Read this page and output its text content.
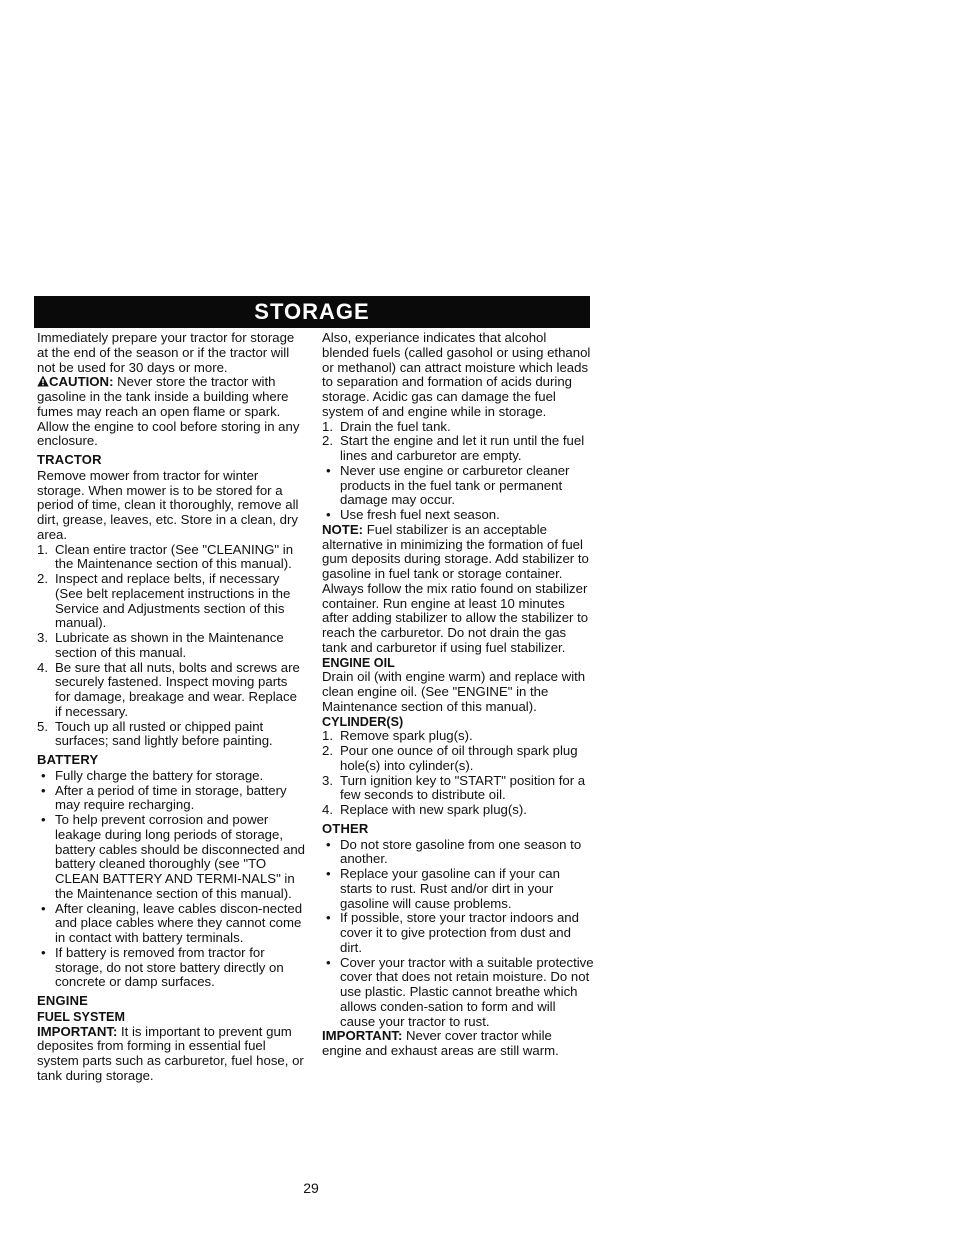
STORAGE

Immediately prepare your tractor for storage at the end of the season or if the tractor will not be used for 30 days or more.

CAUTION: Never store the tractor with gasoline in the tank inside a building where fumes may reach an open flame or spark. Allow the engine to cool before storing in any enclosure.

TRACTOR

Remove mower from tractor for winter storage. When mower is to be stored for a period of time, clean it thoroughly, remove all dirt, grease, leaves, etc. Store in a clean, dry area.

1. Clean entire tractor (See "CLEANING" in the Maintenance section of this manual).
2. Inspect and replace belts, if necessary (See belt replacement instructions in the Service and Adjustments section of this manual).
3. Lubricate as shown in the Maintenance section of this manual.
4. Be sure that all nuts, bolts and screws are securely fastened. Inspect moving parts for damage, breakage and wear. Replace if necessary.
5. Touch up all rusted or chipped paint surfaces; sand lightly before painting.

BATTERY

• Fully charge the battery for storage.
• After a period of time in storage, battery may require recharging.
• To help prevent corrosion and power leakage during long periods of storage, battery cables should be disconnected and battery cleaned thoroughly (see "TO CLEAN BATTERY AND TERMI-NALS" in the Maintenance section of this manual).
• After cleaning, leave cables discon-nected and place cables where they cannot come in contact with battery terminals.
• If battery is removed from tractor for storage, do not store battery directly on concrete or damp surfaces.

ENGINE

FUEL SYSTEM

IMPORTANT: It is important to prevent gum deposites from forming in essential fuel system parts such as carburetor, fuel hose, or tank during storage.

Also, experiance indicates that alcohol blended fuels (called gasohol or using ethanol or methanol) can attract moisture which leads to separation and formation of acids during storage. Acidic gas can damage the fuel system of and engine while in storage.

1. Drain the fuel tank.
2. Start the engine and let it run until the fuel lines and carburetor are empty.
• Never use engine or carburetor cleaner products in the fuel tank or permanent damage may occur.
• Use fresh fuel next season.

NOTE: Fuel stabilizer is an acceptable alternative in minimizing the formation of fuel gum deposits during storage. Add stabilizer to gasoline in fuel tank or storage container. Always follow the mix ratio found on stabilizer container. Run engine at least 10 minutes after adding stabilizer to allow the stabilizer to reach the carburetor. Do not drain the gas tank and carburetor if using fuel stabilizer.

ENGINE OIL

Drain oil (with engine warm) and replace with clean engine oil. (See "ENGINE" in the Maintenance section of this manual).

CYLINDER(S)

1. Remove spark plug(s).
2. Pour one ounce of oil through spark plug hole(s) into cylinder(s).
3. Turn ignition key to "START" position for a few seconds to distribute oil.
4. Replace with new spark plug(s).

OTHER

• Do not store gasoline from one season to another.
• Replace your gasoline can if your can starts to rust. Rust and/or dirt in your gasoline will cause problems.
• If possible, store your tractor indoors and cover it to give protection from dust and dirt.
• Cover your tractor with a suitable protective cover that does not retain moisture. Do not use plastic. Plastic cannot breathe which allows conden-sation to form and will cause your tractor to rust.

IMPORTANT: Never cover tractor while engine and exhaust areas are still warm.

29
